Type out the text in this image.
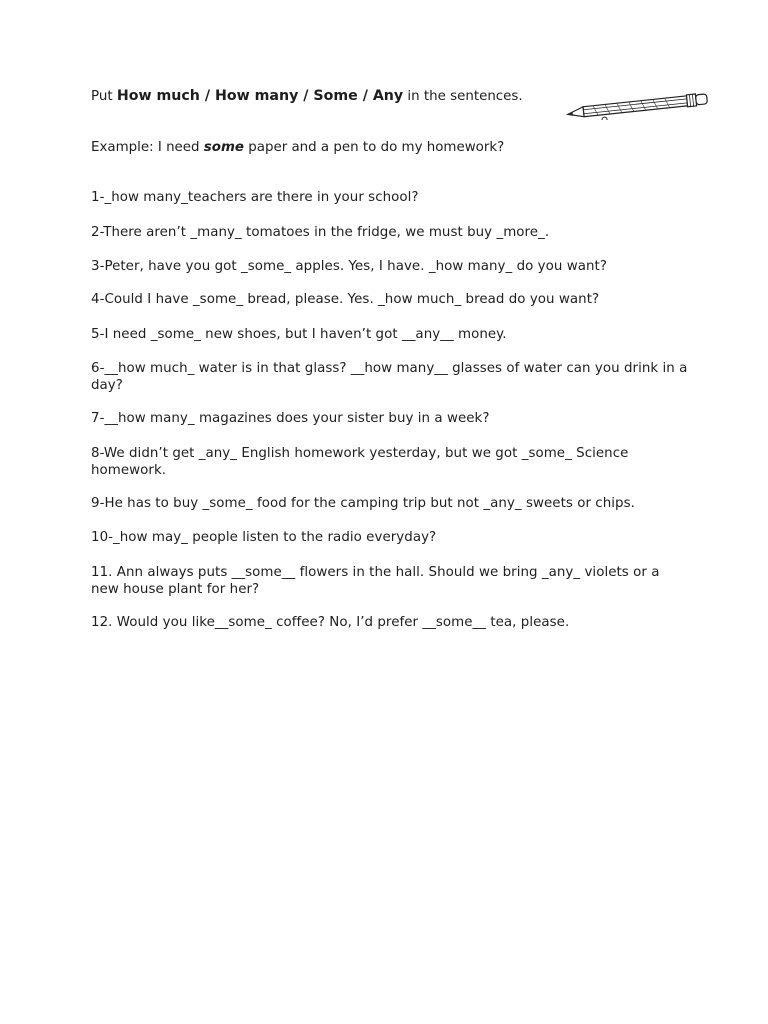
Put How much / How many / Some / Any in the sentences.
Example: I need some paper and a pen to do my homework?
1-_how many_teachers are there in your school?
2-There aren’t _many_ tomatoes in the fridge, we must buy _more_.
3-Peter, have you got _some_ apples. Yes, I have. _how many_ do you want?
4-Could I have _some_ bread, please. Yes. _how much_ bread do you want?
5-I need _some_ new shoes, but I haven’t got __any__ money.
6-__how much_ water is in that glass? __how many__ glasses of water can you drink in a day?
7-__how many_ magazines does your sister buy in a week?
8-We didn’t get _any_ English homework yesterday, but we got _some_ Science homework.
9-He has to buy _some_ food for the camping trip but not _any_ sweets or chips.
10-_how may_ people listen to the radio everyday?
11. Ann always puts __some__ flowers in the hall. Should we bring _any_ violets or a new house plant for her?
12. Would you like__some_ coffee? No, I’d prefer __some__ tea, please.
